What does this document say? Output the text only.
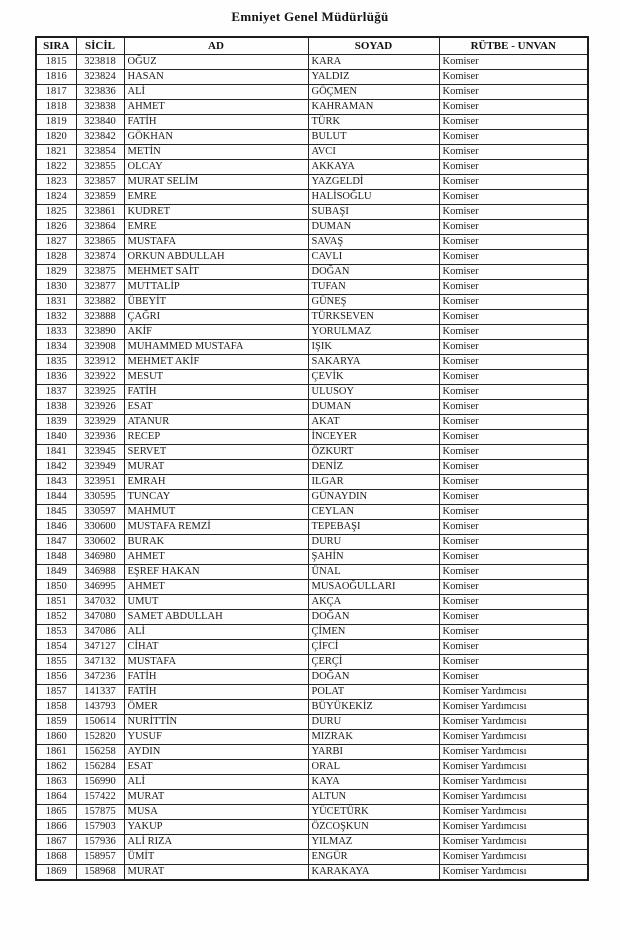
Emniyet Genel Müdürlüğü
SIRA	SİCİL	AD	SOYAD	RÜTBE - UNVAN
1815	323818	OĞUZ	KARA	Komiser
1816	323824	HASAN	YALDIZ	Komiser
1817	323836	ALİ	GÖÇMEN	Komiser
1818	323838	AHMET	KAHRAMAN	Komiser
1819	323840	FATİH	TÜRK	Komiser
1820	323842	GÖKHAN	BULUT	Komiser
1821	323854	METİN	AVCI	Komiser
1822	323855	OLCAY	AKKAYA	Komiser
1823	323857	MURAT SELİM	YAZGELDİ	Komiser
1824	323859	EMRE	HALİSOĞLU	Komiser
1825	323861	KUDRET	SUBAŞI	Komiser
1826	323864	EMRE	DUMAN	Komiser
1827	323865	MUSTAFA	SAVAŞ	Komiser
1828	323874	ORKUN ABDULLAH	CAVLI	Komiser
1829	323875	MEHMET SAİT	DOĞAN	Komiser
1830	323877	MUTTALİP	TUFAN	Komiser
1831	323882	ÜBEYİT	GÜNEŞ	Komiser
1832	323888	ÇAĞRI	TÜRKSEVEN	Komiser
1833	323890	AKİF	YORULMAZ	Komiser
1834	323908	MUHAMMED MUSTAFA	IŞIK	Komiser
1835	323912	MEHMET AKİF	SAKARYA	Komiser
1836	323922	MESUT	ÇEVİK	Komiser
1837	323925	FATİH	ULUSOY	Komiser
1838	323926	ESAT	DUMAN	Komiser
1839	323929	ATANUR	AKAT	Komiser
1840	323936	RECEP	İNCEYER	Komiser
1841	323945	SERVET	ÖZKURT	Komiser
1842	323949	MURAT	DENİZ	Komiser
1843	323951	EMRAH	ILGAR	Komiser
1844	330595	TUNCAY	GÜNAYDIN	Komiser
1845	330597	MAHMUT	CEYLAN	Komiser
1846	330600	MUSTAFA REMZİ	TEPEBAŞI	Komiser
1847	330602	BURAK	DURU	Komiser
1848	346980	AHMET	ŞAHİN	Komiser
1849	346988	EŞREF HAKAN	ÜNAL	Komiser
1850	346995	AHMET	MUSAOĞULLARI	Komiser
1851	347032	UMUT	AKÇA	Komiser
1852	347080	SAMET ABDULLAH	DOĞAN	Komiser
1853	347086	ALİ	ÇİMEN	Komiser
1854	347127	CİHAT	ÇİFCİ	Komiser
1855	347132	MUSTAFA	ÇERÇİ	Komiser
1856	347236	FATİH	DOĞAN	Komiser
1857	141337	FATİH	POLAT	Komiser Yardımcısı
1858	143793	ÖMER	BÜYÜKEKİZ	Komiser Yardımcısı
1859	150614	NURİTTİN	DURU	Komiser Yardımcısı
1860	152820	YUSUF	MIZRAK	Komiser Yardımcısı
1861	156258	AYDIN	YARBI	Komiser Yardımcısı
1862	156284	ESAT	ORAL	Komiser Yardımcısı
1863	156990	ALİ	KAYA	Komiser Yardımcısı
1864	157422	MURAT	ALTUN	Komiser Yardımcısı
1865	157875	MUSA	YÜCETÜRK	Komiser Yardımcısı
1866	157903	YAKUP	ÖZCOŞKUN	Komiser Yardımcısı
1867	157936	ALİ RIZA	YILMAZ	Komiser Yardımcısı
1868	158957	ÜMİT	ENGÜR	Komiser Yardımcısı
1869	158968	MURAT	KARAKAYA	Komiser Yardımcısı
